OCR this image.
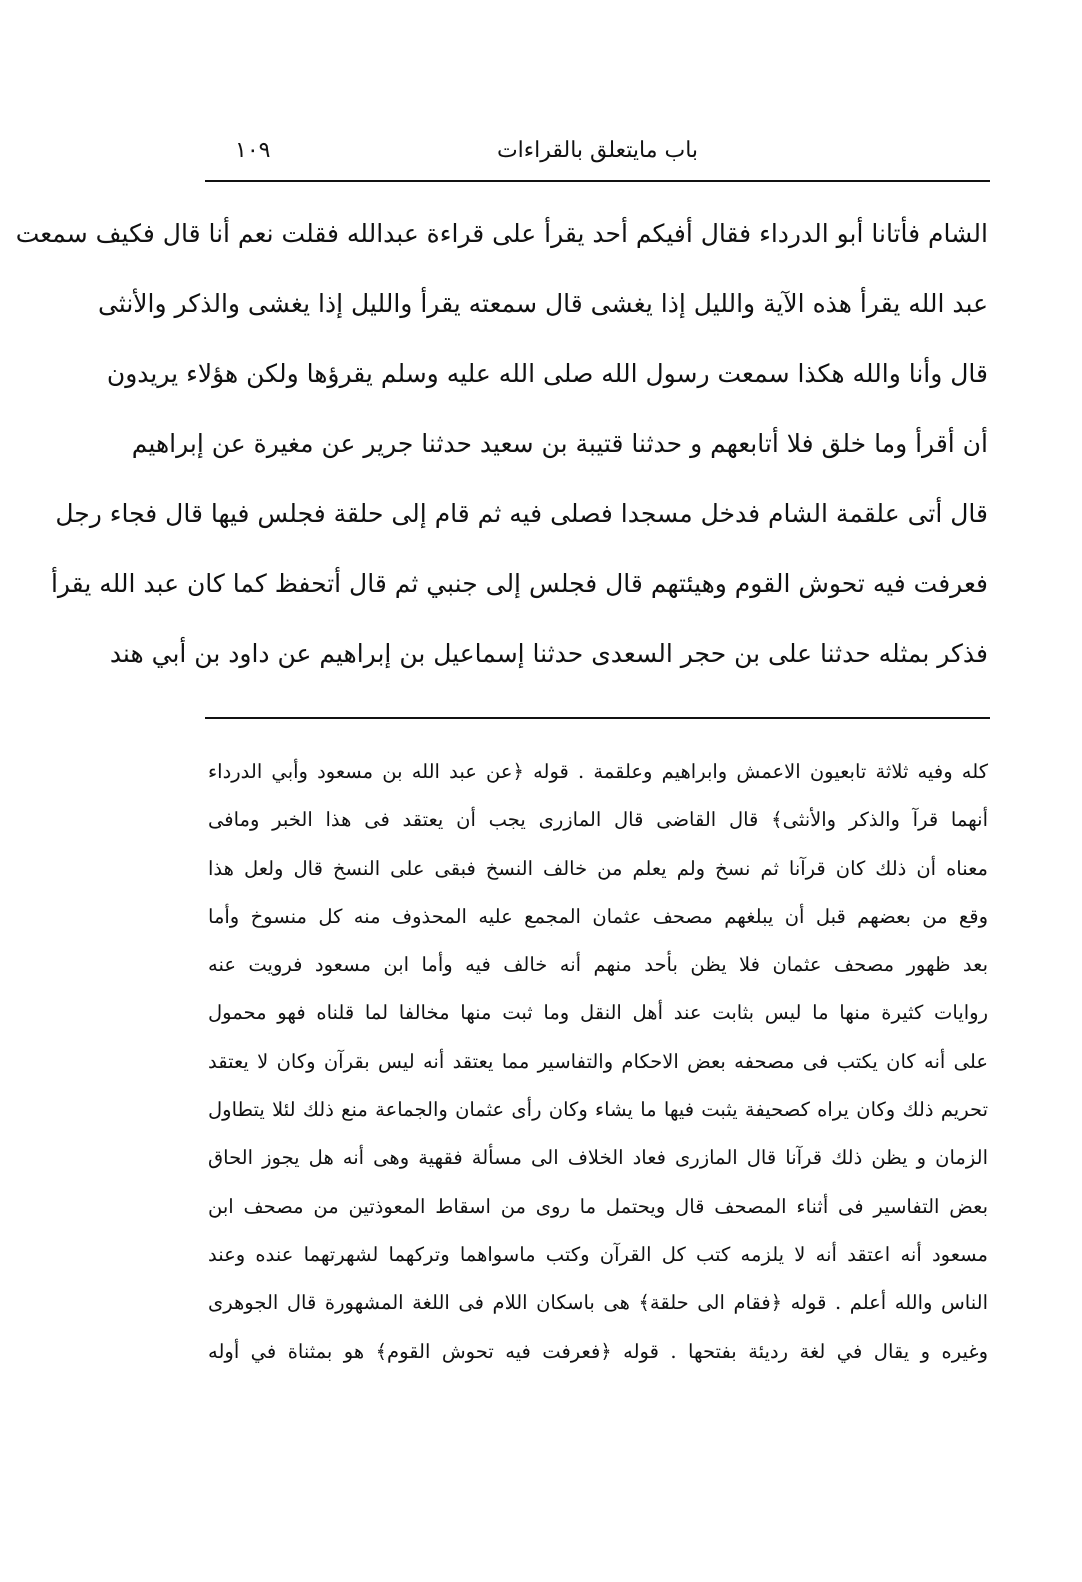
باب مايتعلق بالقراءات
١٠٩
الشام فأتانا أبو الدرداء فقال أفيكم أحد يقرأ على قراءة عبدالله فقلت نعم أنا قال فكيف سمعت
عبد الله يقرأ هذه الآية والليل إذا يغشى قال سمعته يقرأ والليل إذا يغشى والذكر والأنثى
قال وأنا والله هكذا سمعت رسول الله صلى الله عليه وسلم يقرؤها ولكن هؤلاء يريدون
أن أقرأ وما خلق فلا أتابعهم و حدثنا قتيبة بن سعيد حدثنا جرير عن مغيرة عن إبراهيم
قال أتى علقمة الشام فدخل مسجدا فصلى فيه ثم قام إلى حلقة فجلس فيها قال فجاء رجل
فعرفت فيه تحوش القوم وهيئتهم قال فجلس إلى جنبي ثم قال أتحفظ كما كان عبد الله يقرأ
فذكر بمثله حدثنا على بن حجر السعدى حدثنا إسماعيل بن إبراهيم عن داود بن أبي هند
كله وفيه ثلاثة تابعيون الاعمش وابراهيم وعلقمة . قوله ﴿عن عبد الله بن مسعود وأبي الدرداء
أنهما قرآ والذكر والأنثى﴾ قال القاضى قال المازرى يجب أن يعتقد فى هذا الخبر ومافى
معناه أن ذلك كان قرآنا ثم نسخ ولم يعلم من خالف النسخ فبقى على النسخ قال ولعل هذا
وقع من بعضهم قبل أن يبلغهم مصحف عثمان المجمع عليه المحذوف منه كل منسوخ وأما
بعد ظهور مصحف عثمان فلا يظن بأحد منهم أنه خالف فيه وأما ابن مسعود فرويت عنه
روايات كثيرة منها ما ليس بثابت عند أهل النقل وما ثبت منها مخالفا لما قلناه فهو محمول
على أنه كان يكتب فى مصحفه بعض الاحكام والتفاسير مما يعتقد أنه ليس بقرآن وكان لا يعتقد
تحريم ذلك وكان يراه كصحيفة يثبت فيها ما يشاء وكان رأى عثمان والجماعة منع ذلك لئلا يتطاول
الزمان و يظن ذلك قرآنا قال المازرى فعاد الخلاف الى مسألة فقهية وهى أنه هل يجوز الحاق
بعض التفاسير فى أثناء المصحف قال ويحتمل ما روى من اسقاط المعوذتين من مصحف ابن
مسعود أنه اعتقد أنه لا يلزمه كتب كل القرآن وكتب ماسواهما وتركهما لشهرتهما عنده وعند
الناس والله أعلم . قوله ﴿فقام الى حلقة﴾ هى باسكان اللام فى اللغة المشهورة قال الجوهرى
وغيره و يقال في لغة رديئة بفتحها . قوله ﴿فعرفت فيه تحوش القوم﴾ هو بمثناة في أوله
